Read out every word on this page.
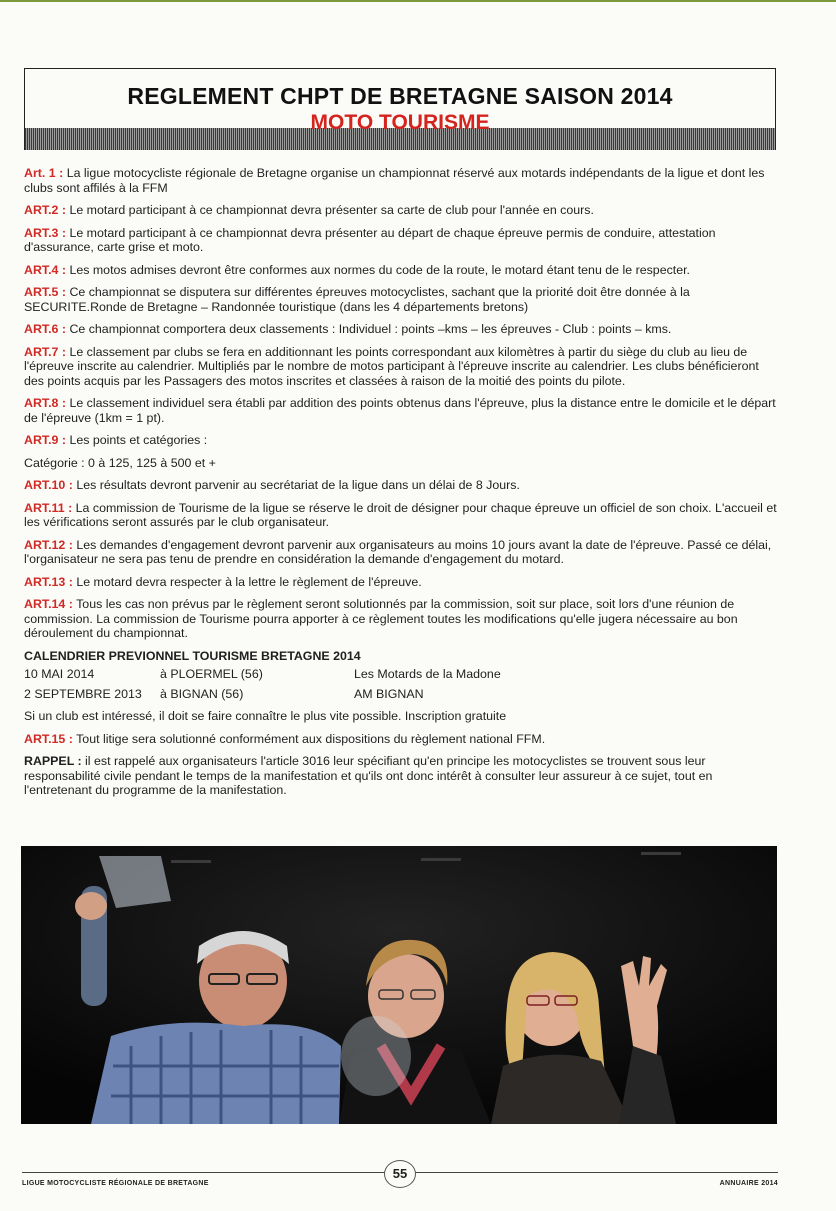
REGLEMENT CHPT DE BRETAGNE SAISON 2014
MOTO TOURISME

Art. 1 : La ligue motocycliste régionale de Bretagne organise un championnat réservé aux motards indépendants de la ligue et dont les clubs sont affilés à la FFM

ART.2 : Le motard participant à ce championnat devra présenter sa carte de club pour l'année en cours.

ART.3 : Le motard participant à ce championnat devra présenter au départ de chaque épreuve permis de conduire, attestation d'assurance, carte grise et moto.

ART.4 : Les motos admises devront être conformes aux normes du code de la route, le motard étant tenu de le respecter.

ART.5 : Ce championnat se disputera sur différentes épreuves motocyclistes, sachant que la priorité doit être donnée à la SECURITE.Ronde de Bretagne – Randonnée touristique (dans les 4 départements bretons)

ART.6 : Ce championnat comportera deux classements : Individuel : points –kms – les épreuves - Club : points – kms.

ART.7 : Le classement par clubs se fera en additionnant les points correspondant aux kilomètres à partir du siège du club au lieu de l'épreuve inscrite au calendrier. Multipliés par le nombre de motos participant à l'épreuve inscrite au calendrier. Les clubs bénéficieront des points acquis par les Passagers des motos inscrites et classées à raison de la moitié des points du pilote.

ART.8 : Le classement individuel sera établi par addition des points obtenus dans l'épreuve, plus la distance entre le domicile et le départ de l'épreuve (1km = 1 pt).

ART.9 : Les points et catégories :

Catégorie : 0 à 125, 125 à 500 et +

ART.10 : Les résultats devront parvenir au secrétariat de la ligue dans un délai de 8 Jours.

ART.11 : La commission de Tourisme de la ligue se réserve le droit de désigner pour chaque épreuve un officiel de son choix. L'accueil et les vérifications seront assurés par le club organisateur.

ART.12 : Les demandes d'engagement devront parvenir aux organisateurs au moins 10 jours avant la date de l'épreuve. Passé ce délai, l'organisateur ne sera pas tenu de prendre en considération la demande d'engagement du motard.

ART.13 : Le motard devra respecter à la lettre le règlement de l'épreuve.

ART.14 : Tous les cas non prévus par le règlement seront solutionnés par la commission, soit sur place, soit lors d'une réunion de commission. La commission de Tourisme pourra apporter à ce règlement toutes les modifications qu'elle jugera nécessaire au bon déroulement du championnat.

CALENDRIER PREVIONNEL TOURISME BRETAGNE 2014

10 MAI 2014	à PLOERMEL (56)	Les Motards de la Madone
2 SEPTEMBRE 2013	à BIGNAN (56)	AM BIGNAN

Si un club est intéressé, il doit se faire connaître le plus vite possible. Inscription gratuite

ART.15 : Tout litige sera solutionné conformément aux dispositions du règlement national FFM.

RAPPEL : il est rappelé aux organisateurs l'article 3016 leur spécifiant qu'en principe les motocyclistes se trouvent sous leur responsabilité civile pendant le temps de la manifestation et qu'ils ont donc intérêt à consulter leur assureur à ce sujet, tout en l'entretenant du programme de la manifestation.

LIGUE MOTOCYCLISTE RÉGIONALE DE BRETAGNE
55
ANNUAIRE 2014
